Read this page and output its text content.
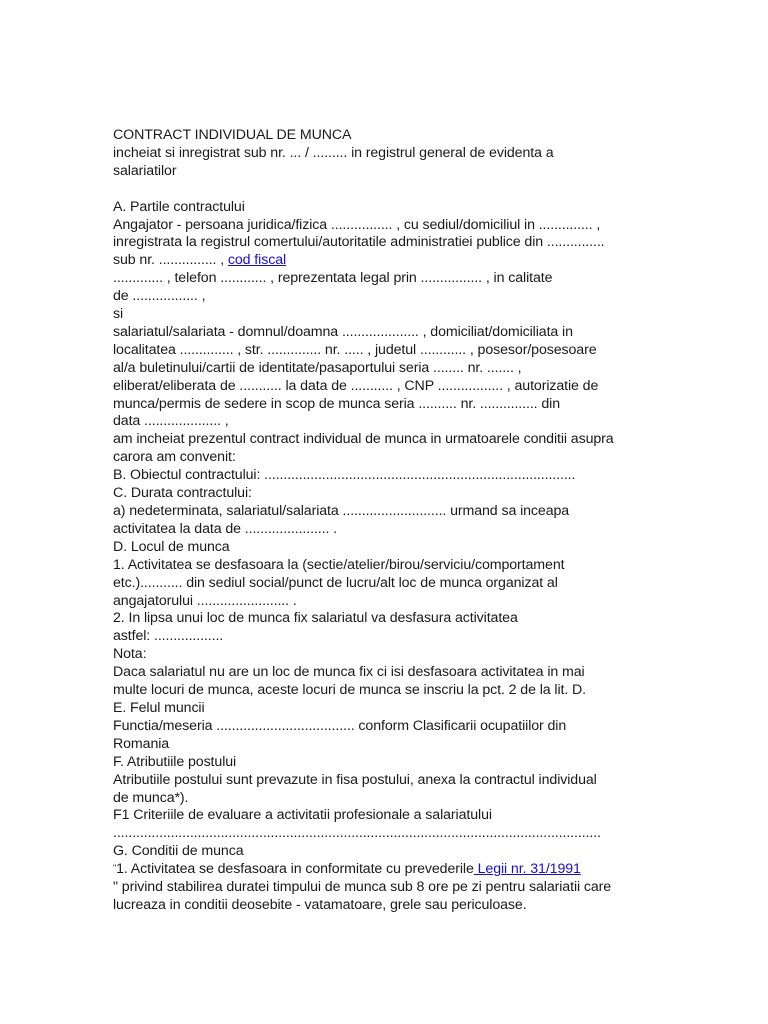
CONTRACT INDIVIDUAL DE MUNCA
incheiat si inregistrat sub nr. ... / ......... in registrul general de evidenta a
salariatilor
A. Partile contractului
Angajator - persoana juridica/fizica ................ , cu sediul/domiciliul in .............. ,
inregistrata la registrul comertului/autoritatile administratiei publice din ...............
sub nr. ............... , cod fiscal
............. , telefon ............ , reprezentata legal prin ................ , in calitate
de ................. ,
si
salariatul/salariata - domnul/doamna .................... , domiciliat/domiciliata in
localitatea .............. , str. .............. nr. ..... , judetul ............ , posesor/posesoare
al/a buletinului/cartii de identitate/pasaportului seria ........ nr. ....... ,
eliberat/eliberata de ........... la data de ........... , CNP ................. , autorizatie de
munca/permis de sedere in scop de munca seria .......... nr. ............... din
data .................... ,
am incheiat prezentul contract individual de munca in urmatoarele conditii asupra
carora am convenit:
B. Obiectul contractului: .................................................................................
C. Durata contractului:
a) nedeterminata, salariatul/salariata ........................... urmand sa inceapa
activitatea la data de ...................... .
D. Locul de munca
1. Activitatea se desfasoara la (sectie/atelier/birou/serviciu/comportament
etc.)........... din sediul social/punct de lucru/alt loc de munca organizat al
angajatorului ........................ .
2. In lipsa unui loc de munca fix salariatul va desfasura activitatea
astfel: ..................
Nota:
Daca salariatul nu are un loc de munca fix ci isi desfasoara activitatea in mai
multe locuri de munca, aceste locuri de munca se inscriu la pct. 2 de la lit. D.
E. Felul muncii
Functia/meseria .................................... conform Clasificarii ocupatiilor din
Romania
F. Atributiile postului
Atributiile postului sunt prevazute in fisa postului, anexa la contractul individual
de munca*).
F1 Criteriile de evaluare a activitatii profesionale a salariatului
...............................................................................................................................
G. Conditii de munca
"1. Activitatea se desfasoara in conformitate cu prevederile Legii nr. 31/1991
" privind stabilirea duratei timpului de munca sub 8 ore pe zi pentru salariatii care
lucreaza in conditii deosebite - vatamatoare, grele sau periculoase.
